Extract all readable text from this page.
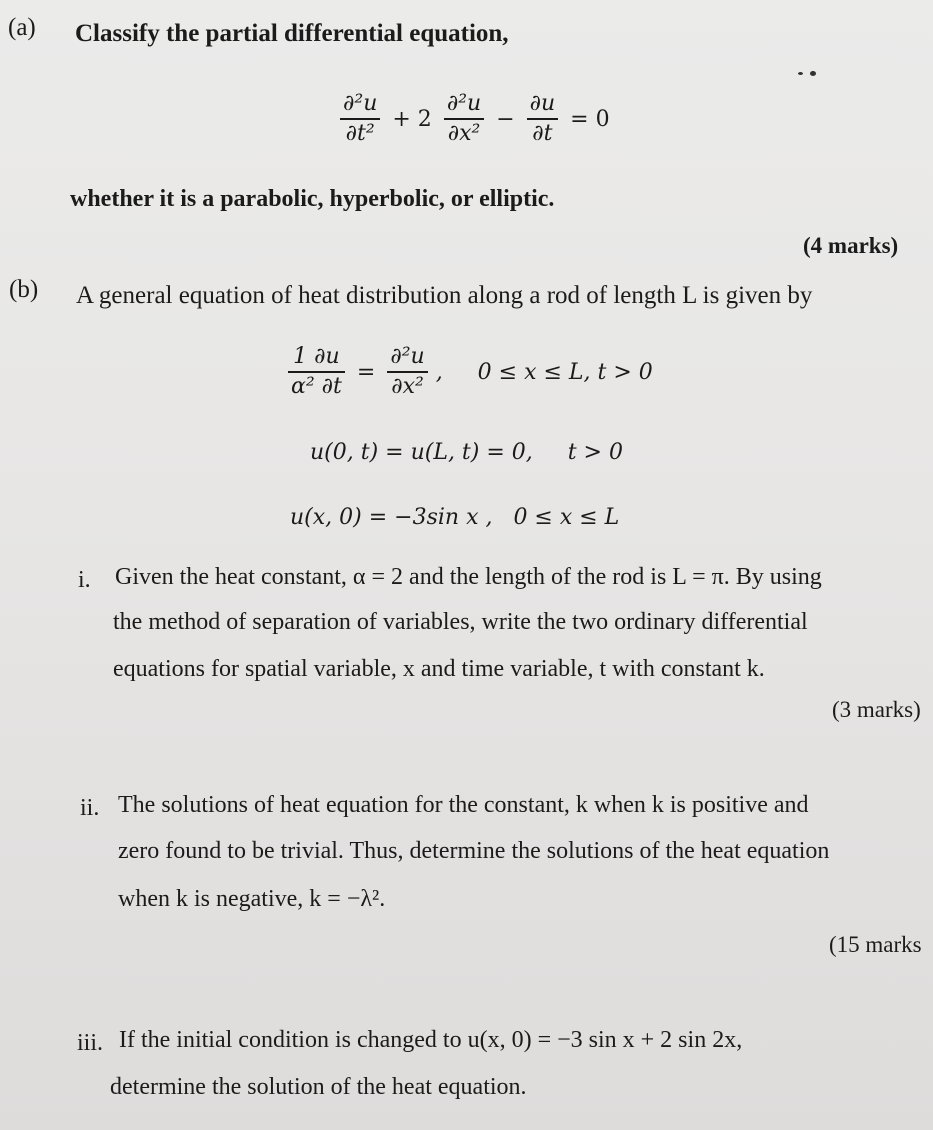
(a) Classify the partial differential equation,
$\frac{\text{∂²u}}{\text{∂t²}} + 2 \frac{\text{∂²u}}{\text{∂x²}} - \frac{\partial u}{\partial t} = 0$
whether it is a parabolic, hyperbolic, or elliptic.
(4 marks)
(b) A general equation of heat distribution along a rod of length L is given by
$\frac{1 \partial u}{\text{α² ∂t}} = \frac{\text{∂²u}}{\text{∂x²}}$ ,     0 ≤ x ≤ L, t > 0
u(0, t) = u(L, t) = 0,     t > 0
u(x, 0) = −3sin x ,   0 ≤ x ≤ L
i. Given the heat constant, α = 2 and the length of the rod is L = π. By using
the method of separation of variables, write the two ordinary differential
equations for spatial variable, x and time variable, t with constant k.
(3 marks)
ii. The solutions of heat equation for the constant, k when k is positive and
zero found to be trivial. Thus, determine the solutions of the heat equation
when k is negative, k = −λ².
(15 marks
iii. If the initial condition is changed to u(x, 0) = −3 sin x + 2 sin 2x,
determine the solution of the heat equation.
